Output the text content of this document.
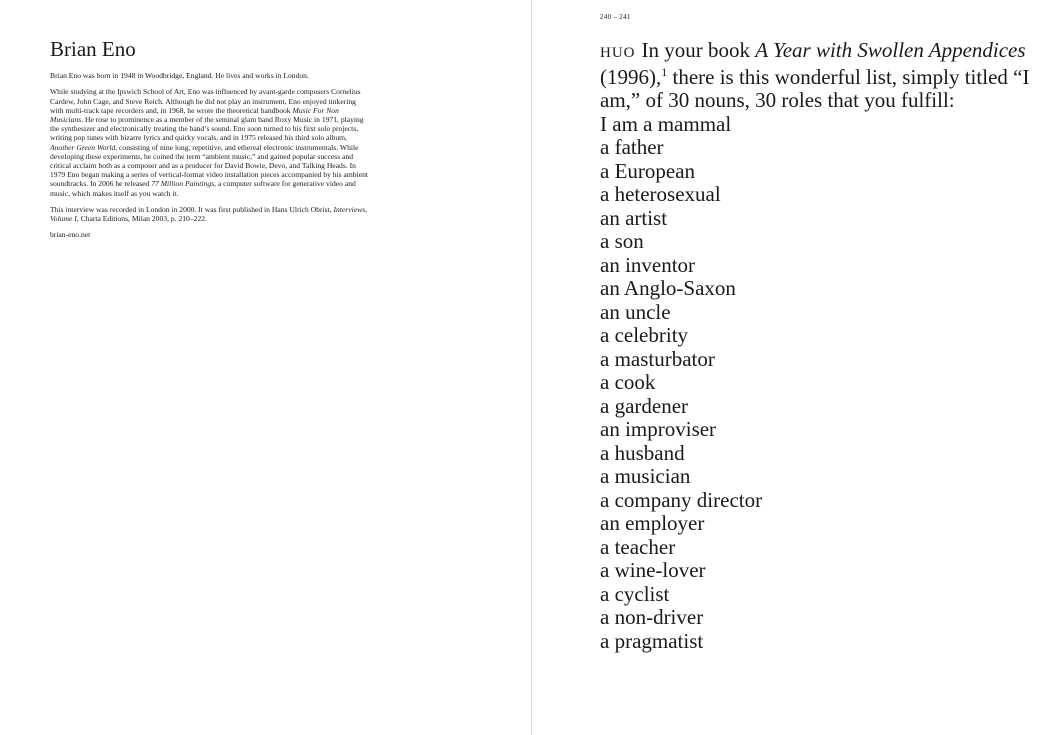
Brian Eno

Brian Eno was born in 1948 in Woodbridge, England. He lives and works in London.

While studying at the Ipswich School of Art, Eno was influenced by avant-garde composers Cornelius Cardew, John Cage, and Steve Reich. Although he did not play an instrument, Eno enjoyed tinkering with multi-track tape recorders and, in 1968, he wrote the theoretical handbook Music For Non Musicians. He rose to prominence as a member of the seminal glam band Roxy Music in 1971, playing the synthesizer and electronically treating the band’s sound. Eno soon turned to his first solo projects, writing pop tunes with bizarre lyrics and quirky vocals, and in 1975 released his third solo album, Another Green World, consisting of nine long, repetitive, and ethereal electronic instrumentals. While developing these experiments, he coined the term “ambient music,” and gained popular success and critical acclaim both as a composer and as a producer for David Bowie, Devo, and Talking Heads. In 1979 Eno began making a series of vertical-format video installation pieces accompanied by his ambient soundtracks. In 2006 he released 77 Million Paintings, a computer software for generative video and music, which makes itself as you watch it.

This interview was recorded in London in 2000. It was first published in Hans Ulrich Obrist, Interviews, Volume I, Charta Editions, Milan 2003, p. 210–222.

brian-eno.net

240 – 241

HUO In your book A Year with Swollen Appendices (1996),$^1$ there is this wonderful list, simply titled “I am,” of 30 nouns, 30 roles that you fulfill:

I am a mammal
a father
a European
a heterosexual
an artist
a son
an inventor
an Anglo-Saxon
an uncle
a celebrity
a masturbator
a cook
a gardener
an improviser
a husband
a musician
a company director
an employer
a teacher
a wine-lover
a cyclist
a non-driver
a pragmatist
